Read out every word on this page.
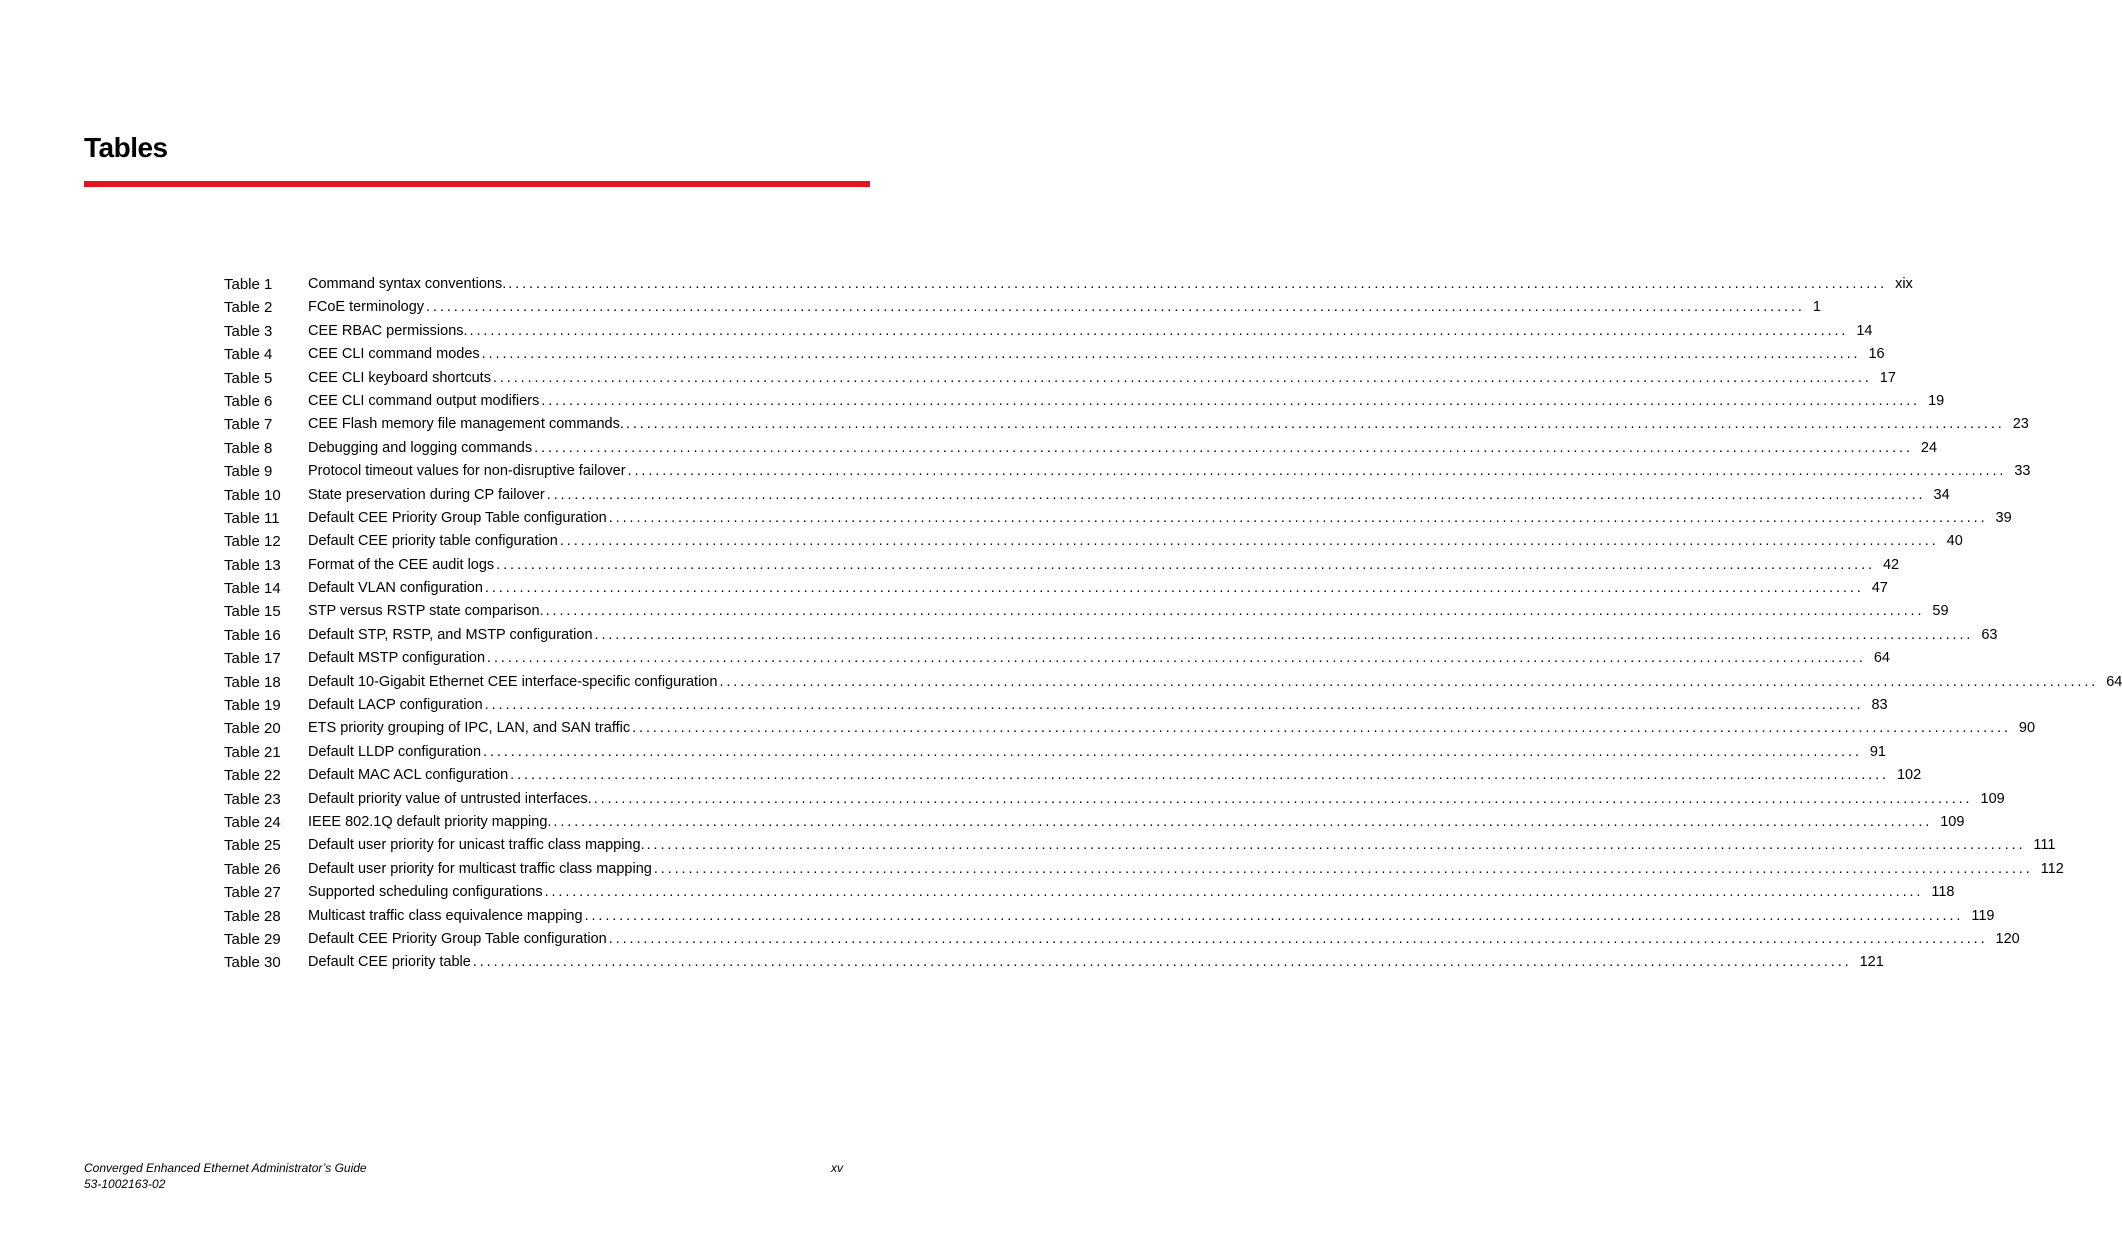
Tables
Table 1 Command syntax conventions. ....................................................................................................................................................................................................... xix
Table 2 FCoE terminology ....................................................................................................................................................................................................... 1
Table 3 CEE RBAC permissions. ....................................................................................................................................................................................................... 14
Table 4 CEE CLI command modes ....................................................................................................................................................................................................... 16
Table 5 CEE CLI keyboard shortcuts ....................................................................................................................................................................................................... 17
Table 6 CEE CLI command output modifiers ....................................................................................................................................................................................................... 19
Table 7 CEE Flash memory file management commands. ....................................................................................................................................................................................................... 23
Table 8 Debugging and logging commands ....................................................................................................................................................................................................... 24
Table 9 Protocol timeout values for non-disruptive failover ....................................................................................................................................................................................................... 33
Table 10 State preservation during CP failover ....................................................................................................................................................................................................... 34
Table 11 Default CEE Priority Group Table configuration ....................................................................................................................................................................................................... 39
Table 12 Default CEE priority table configuration ....................................................................................................................................................................................................... 40
Table 13 Format of the CEE audit logs ....................................................................................................................................................................................................... 42
Table 14 Default VLAN configuration ....................................................................................................................................................................................................... 47
Table 15 STP versus RSTP state comparison. ....................................................................................................................................................................................................... 59
Table 16 Default STP, RSTP, and MSTP configuration ....................................................................................................................................................................................................... 63
Table 17 Default MSTP configuration ....................................................................................................................................................................................................... 64
Table 18 Default 10-Gigabit Ethernet CEE interface-specific configuration ....................................................................................................................................................................................................... 64
Table 19 Default LACP configuration ....................................................................................................................................................................................................... 83
Table 20 ETS priority grouping of IPC, LAN, and SAN traffic ....................................................................................................................................................................................................... 90
Table 21 Default LLDP configuration ....................................................................................................................................................................................................... 91
Table 22 Default MAC ACL configuration ....................................................................................................................................................................................................... 102
Table 23 Default priority value of untrusted interfaces. ....................................................................................................................................................................................................... 109
Table 24 IEEE 802.1Q default priority mapping. ....................................................................................................................................................................................................... 109
Table 25 Default user priority for unicast traffic class mapping. ....................................................................................................................................................................................................... 111
Table 26 Default user priority for multicast traffic class mapping ....................................................................................................................................................................................................... 112
Table 27 Supported scheduling configurations ....................................................................................................................................................................................................... 118
Table 28 Multicast traffic class equivalence mapping ....................................................................................................................................................................................................... 119
Table 29 Default CEE Priority Group Table configuration ....................................................................................................................................................................................................... 120
Table 30 Default CEE priority table ....................................................................................................................................................................................................... 121
Converged Enhanced Ethernet Administrator’s Guide
53-1002163-02
xv
